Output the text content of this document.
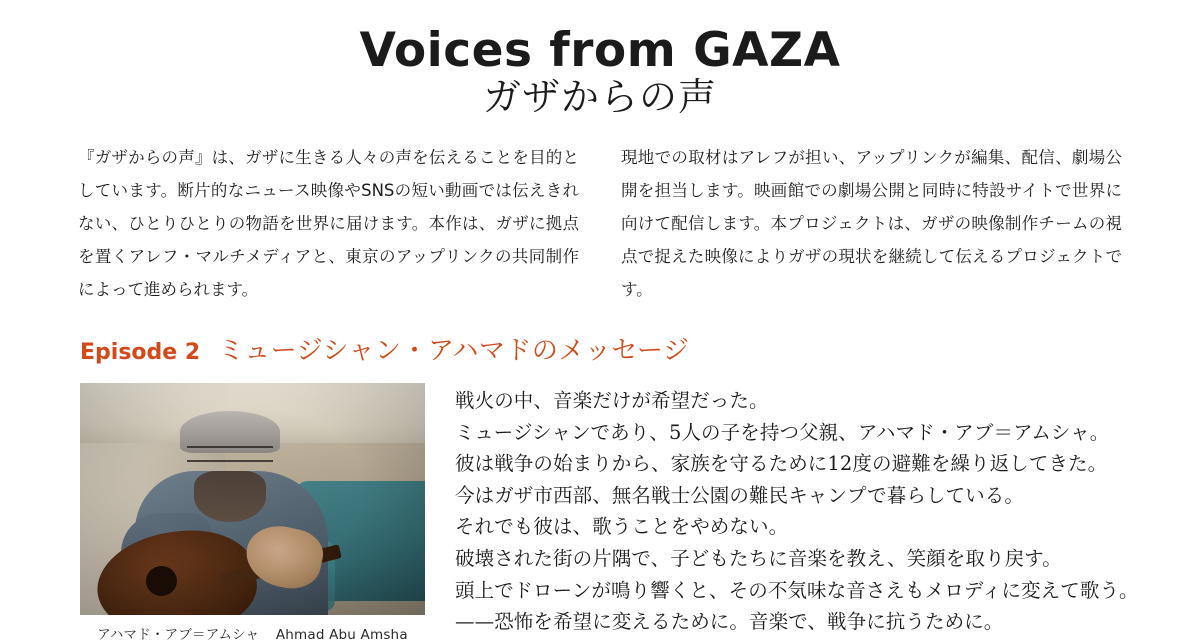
Voices from GAZA
ガザからの声
『ガザからの声』は、ガザに生きる人々の声を伝えることを目的としています。断片的なニュース映像やSNSの短い動画では伝えきれない、ひとりひとりの物語を世界に届けます。本作は、ガザに拠点を置くアレフ・マルチメディアと、東京のアップリンクの共同制作によって進められます。
現地での取材はアレフが担い、アップリンクが編集、配信、劇場公開を担当します。映画館での劇場公開と同時に特設サイトで世界に向けて配信します。本プロジェクトは、ガザの映像制作チームの視点で捉えた映像によりガザの現状を継続して伝えるプロジェクトです。
Episode 2 ミュージシャン・アハマドのメッセージ
アハマド・アブ＝アムシャ Ahmad Abu Amsha

戦火の中、音楽だけが希望だった。

ミュージシャンであり、5人の子を持つ父親、アハマド・アブ＝アムシャ。

彼は戦争の始まりから、家族を守るために12度の避難を繰り返してきた。

今はガザ市西部、無名戦士公園の難民キャンプで暮らしている。

それでも彼は、歌うことをやめない。

破壊された街の片隅で、子どもたちに音楽を教え、笑顔を取り戻す。

頭上でドローンが鳴り響くと、その不気味な音さえもメロディに変えて歌う。

——恐怖を希望に変えるために。音楽で、戦争に抗うために。
